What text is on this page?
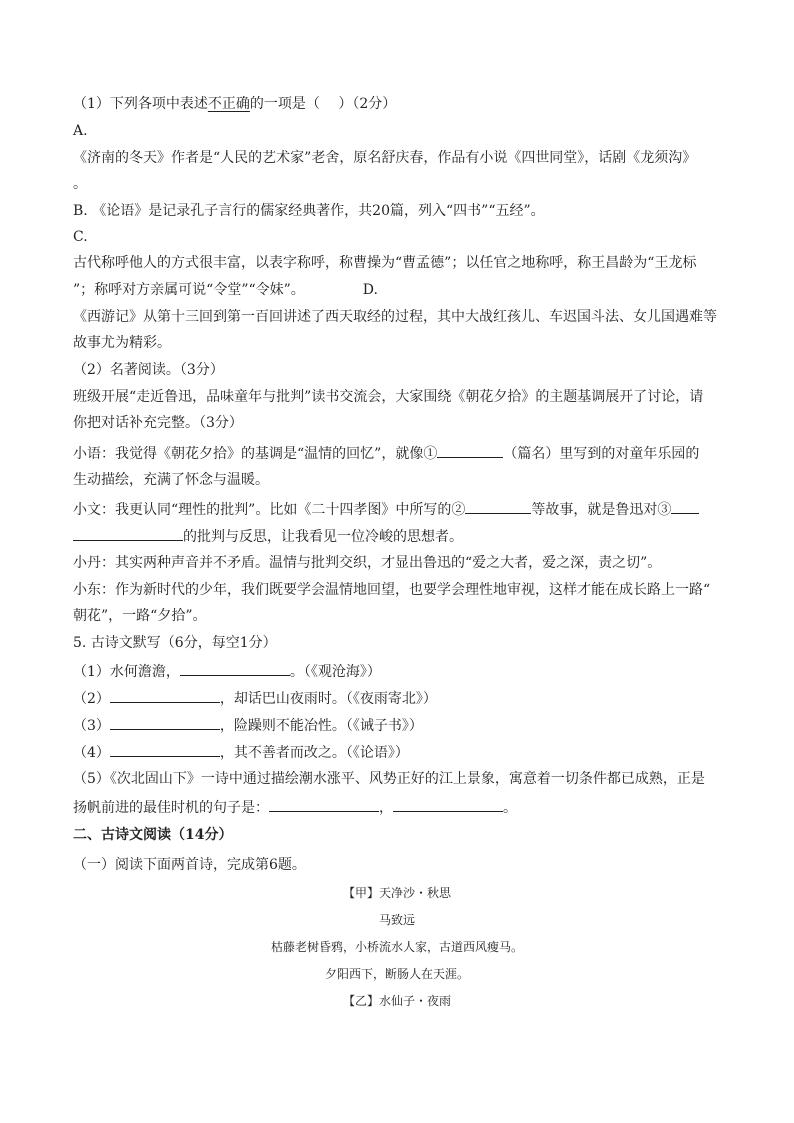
（1）下列各项中表述不正确的一项是（　 ）（2分）
A.
《济南的冬天》作者是“人民的艺术家”老舍，原名舒庆春，作品有小说《四世同堂》，话剧《龙须沟》
。
B. 《论语》是记录孔子言行的儒家经典著作，共20篇，列入“四书”“五经”。
C.
古代称呼他人的方式很丰富，以表字称呼，称曹操为“曹孟德”；以任官之地称呼，称王昌龄为“王龙标
”；称呼对方亲属可说“令堂”“令妹”。	D.
《西游记》从第十三回到第一百回讲述了西天取经的过程，其中大战红孩儿、车迟国斗法、女儿国遇难等
故事尤为精彩。
（2）名著阅读。（3分）
班级开展“走近鲁迅，品味童年与批判”读书交流会，大家围绕《朝花夕拾》的主题基调展开了讨论，请
你把对话补充完整。（3分）
小语：我觉得《朝花夕拾》的基调是“温情的回忆”，就像①	（篇名）里写到的对童年乐园的
生动描绘，充满了怀念与温暖。
小文：我更认同“理性的批判”。比如《二十四孝图》中所写的②	等故事，就是鲁迅对③
的批判与反思，让我看见一位冷峻的思想者。
小丹：其实两种声音并不矛盾。温情与批判交织，才显出鲁迅的“爱之大者，爱之深，责之切”。
小东：作为新时代的少年，我们既要学会温情地回望，也要学会理性地审视，这样才能在成长路上一路“
朝花”，一路“夕拾”。
5. 古诗文默写（6分，每空1分）
（1）水何澹澹，	。（《观沧海》）
（2）	，却话巴山夜雨时。（《夜雨寄北》）
（3）	，险躁则不能冶性。（《诫子书》）
（4）	，其不善者而改之。（《论语》）
（5）《次北固山下》一诗中通过描绘潮水涨平、风势正好的江上景象，寓意着一切条件都已成熟，正是
扬帆前进的最佳时机的句子是：	，	。
二、古诗文阅读（14分）
（一）阅读下面两首诗，完成第6题。
【甲】天净沙・秋思
马致远
枯藤老树昏鸦，小桥流水人家，古道西风瘦马。
夕阳西下，断肠人在天涯。
【乙】水仙子・夜雨
